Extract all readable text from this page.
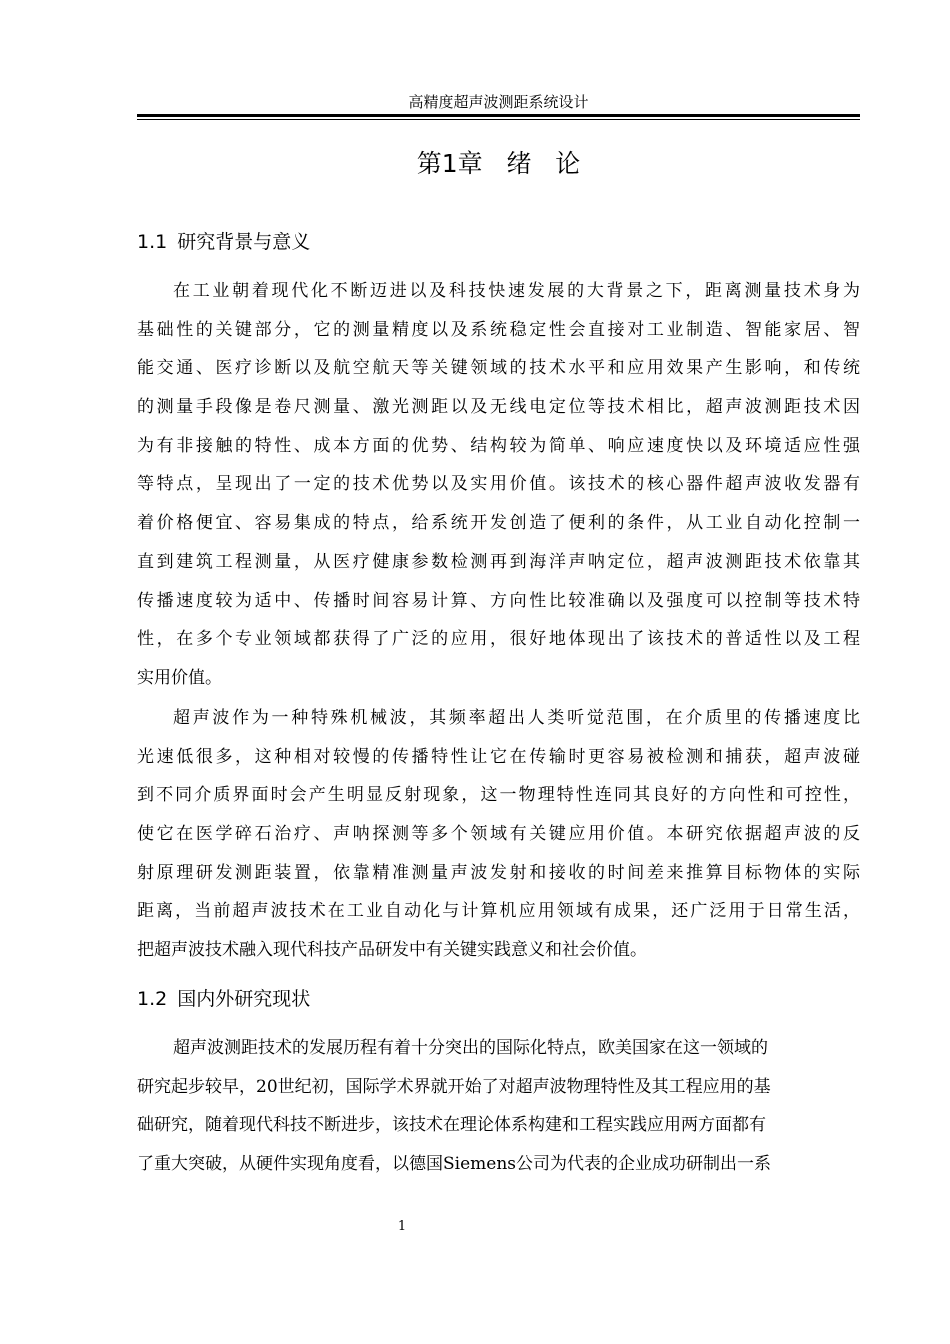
高精度超声波测距系统设计
第1章   绪   论
1.1 研究背景与意义
在工业朝着现代化不断迈进以及科技快速发展的大背景之下，距离测量技术身为
基础性的关键部分，它的测量精度以及系统稳定性会直接对工业制造、智能家居、智
能交通、医疗诊断以及航空航天等关键领域的技术水平和应用效果产生影响，和传统
的测量手段像是卷尺测量、激光测距以及无线电定位等技术相比，超声波测距技术因
为有非接触的特性、成本方面的优势、结构较为简单、响应速度快以及环境适应性强
等特点，呈现出了一定的技术优势以及实用价值。该技术的核心器件超声波收发器有
着价格便宜、容易集成的特点，给系统开发创造了便利的条件，从工业自动化控制一
直到建筑工程测量，从医疗健康参数检测再到海洋声呐定位，超声波测距技术依靠其
传播速度较为适中、传播时间容易计算、方向性比较准确以及强度可以控制等技术特
性，在多个专业领域都获得了广泛的应用，很好地体现出了该技术的普适性以及工程
实用价值。
超声波作为一种特殊机械波，其频率超出人类听觉范围，在介质里的传播速度比
光速低很多，这种相对较慢的传播特性让它在传输时更容易被检测和捕获，超声波碰
到不同介质界面时会产生明显反射现象，这一物理特性连同其良好的方向性和可控性，
使它在医学碎石治疗、声呐探测等多个领域有关键应用价值。本研究依据超声波的反
射原理研发测距装置，依靠精准测量声波发射和接收的时间差来推算目标物体的实际
距离，当前超声波技术在工业自动化与计算机应用领域有成果，还广泛用于日常生活，
把超声波技术融入现代科技产品研发中有关键实践意义和社会价值。
1.2 国内外研究现状
超声波测距技术的发展历程有着十分突出的国际化特点，欧美国家在这一领域的
研究起步较早，20世纪初，国际学术界就开始了对超声波物理特性及其工程应用的基
础研究，随着现代科技不断进步，该技术在理论体系构建和工程实践应用两方面都有
了重大突破，从硬件实现角度看，以德国Siemens公司为代表的企业成功研制出一系
1
